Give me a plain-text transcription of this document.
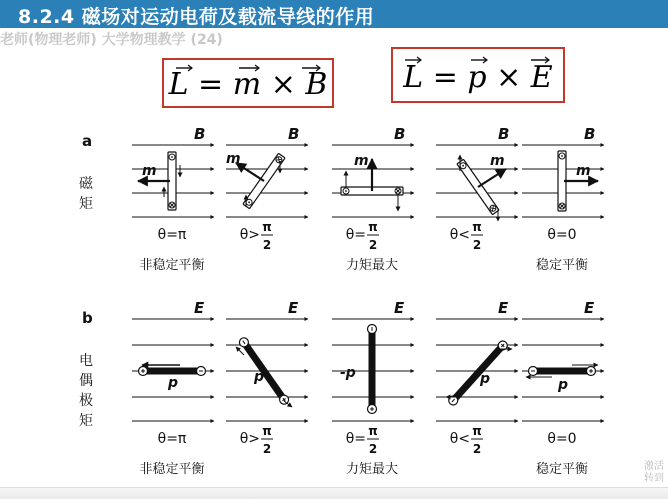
8.2.4 磁场对运动电荷及载流导线的作用
老师(物理老师) 大学物理教学 (24)
L = m × B	L = p × E
a
磁
矩
B
θ=π
B
θ> π
2
B
θ= π
2
B
θ< π
2
B
θ=0
非稳定平衡	力矩最大	稳定平衡
b
电
偶
极
矩
E
θ=π
E
θ> π
2
E
θ= π
2
E
θ< π
2
E
θ=0
非稳定平衡	力矩最大	稳定平衡
m
m	m	m
m
p	p	-p	p	p
激活
转到
